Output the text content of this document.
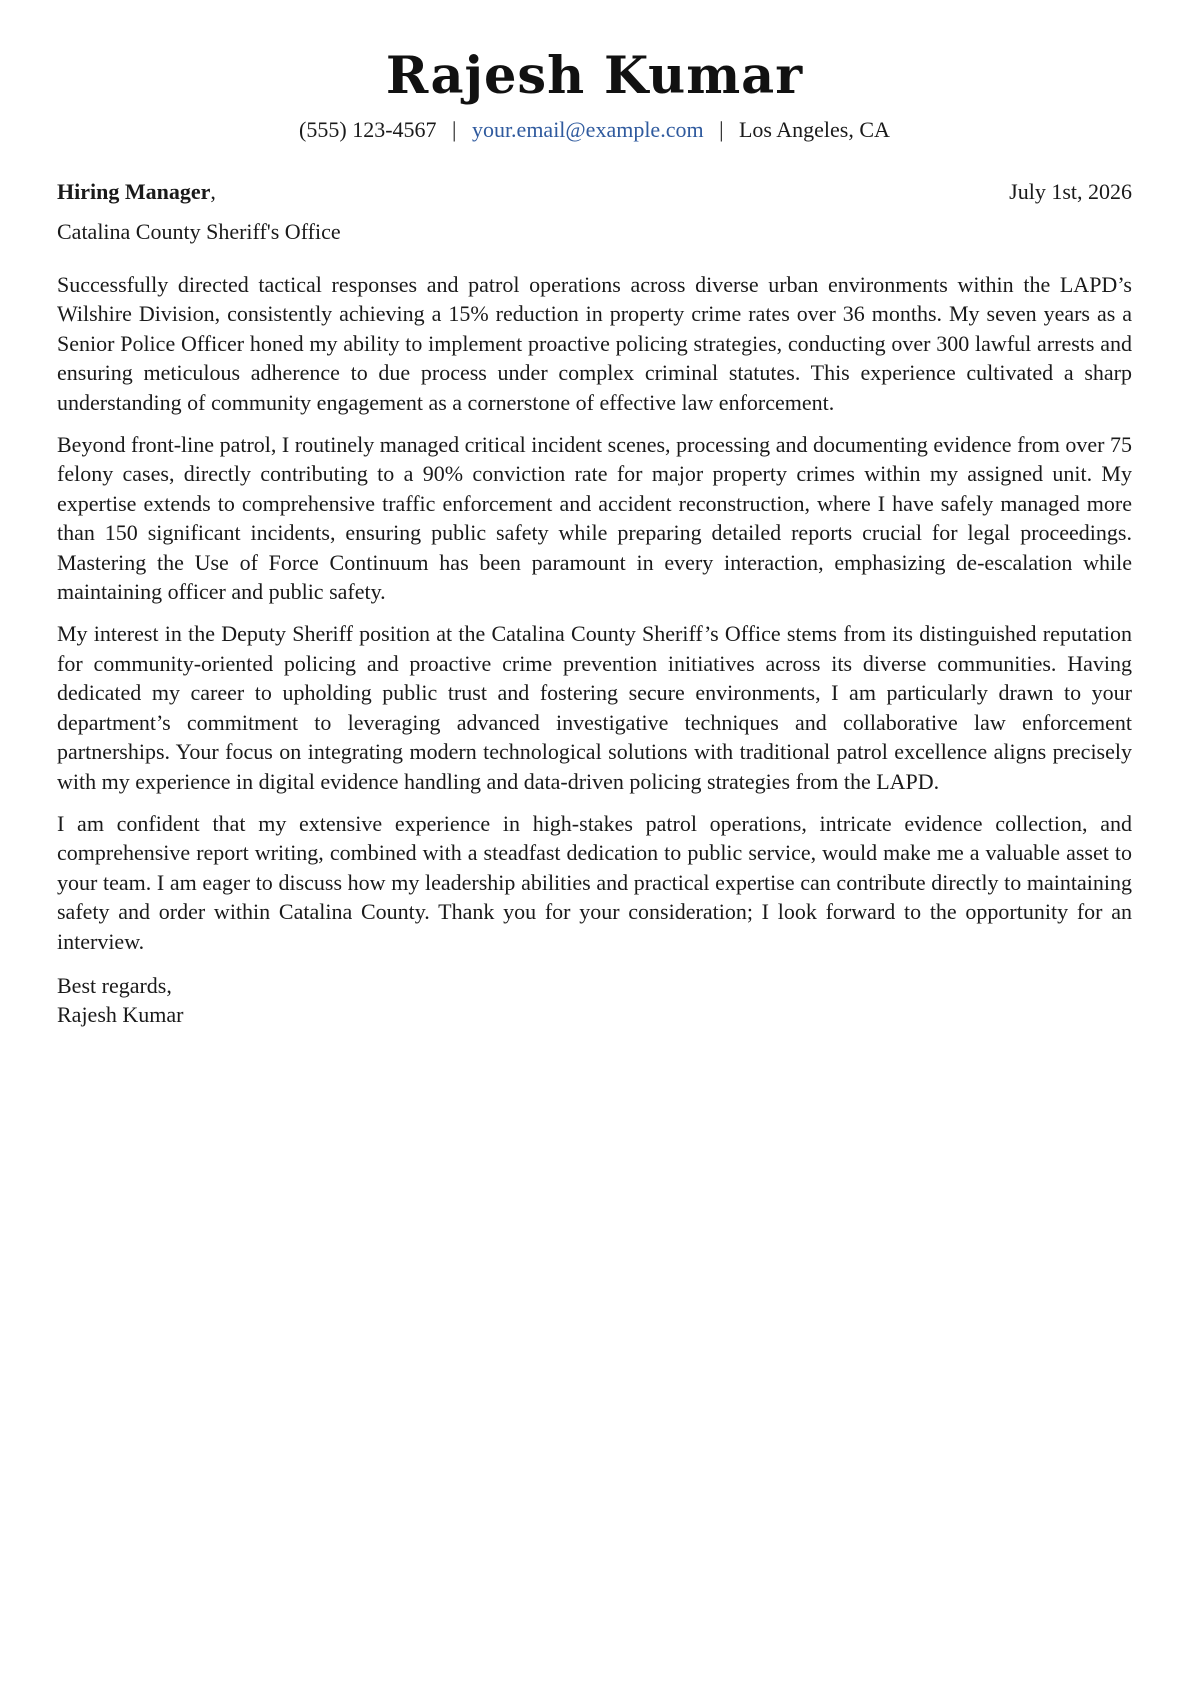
Rajesh Kumar
(555) 123-4567 | your.email@example.com | Los Angeles, CA
Hiring Manager,	July 1st, 2026
Catalina County Sheriff's Office

Successfully directed tactical responses and patrol operations across diverse urban environments within the LAPD’s Wilshire Division, consistently achieving a 15% reduction in property crime rates over 36 months. My seven years as a Senior Police Officer honed my ability to implement proactive policing strategies, conducting over 300 lawful arrests and ensuring meticulous adherence to due process under complex criminal statutes. This experience cultivated a sharp understanding of community engagement as a cornerstone of effective law enforcement.

Beyond front-line patrol, I routinely managed critical incident scenes, processing and documenting evidence from over 75 felony cases, directly contributing to a 90% conviction rate for major property crimes within my assigned unit. My expertise extends to comprehensive traffic enforcement and accident reconstruction, where I have safely managed more than 150 significant incidents, ensuring public safety while preparing detailed reports crucial for legal proceedings. Mastering the Use of Force Continuum has been paramount in every interaction, emphasizing de-escalation while maintaining officer and public safety.

My interest in the Deputy Sheriff position at the Catalina County Sheriff’s Office stems from its distinguished reputation for community-oriented policing and proactive crime prevention initiatives across its diverse communities. Having dedicated my career to upholding public trust and fostering secure environments, I am particularly drawn to your department’s commitment to leveraging advanced investigative techniques and collaborative law enforcement partnerships. Your focus on integrating modern technological solutions with traditional patrol excellence aligns precisely with my experience in digital evidence handling and data-driven policing strategies from the LAPD.

I am confident that my extensive experience in high-stakes patrol operations, intricate evidence collection, and comprehensive report writing, combined with a steadfast dedication to public service, would make me a valuable asset to your team. I am eager to discuss how my leadership abilities and practical expertise can contribute directly to maintaining safety and order within Catalina County. Thank you for your consideration; I look forward to the opportunity for an interview.

Best regards,
Rajesh Kumar
